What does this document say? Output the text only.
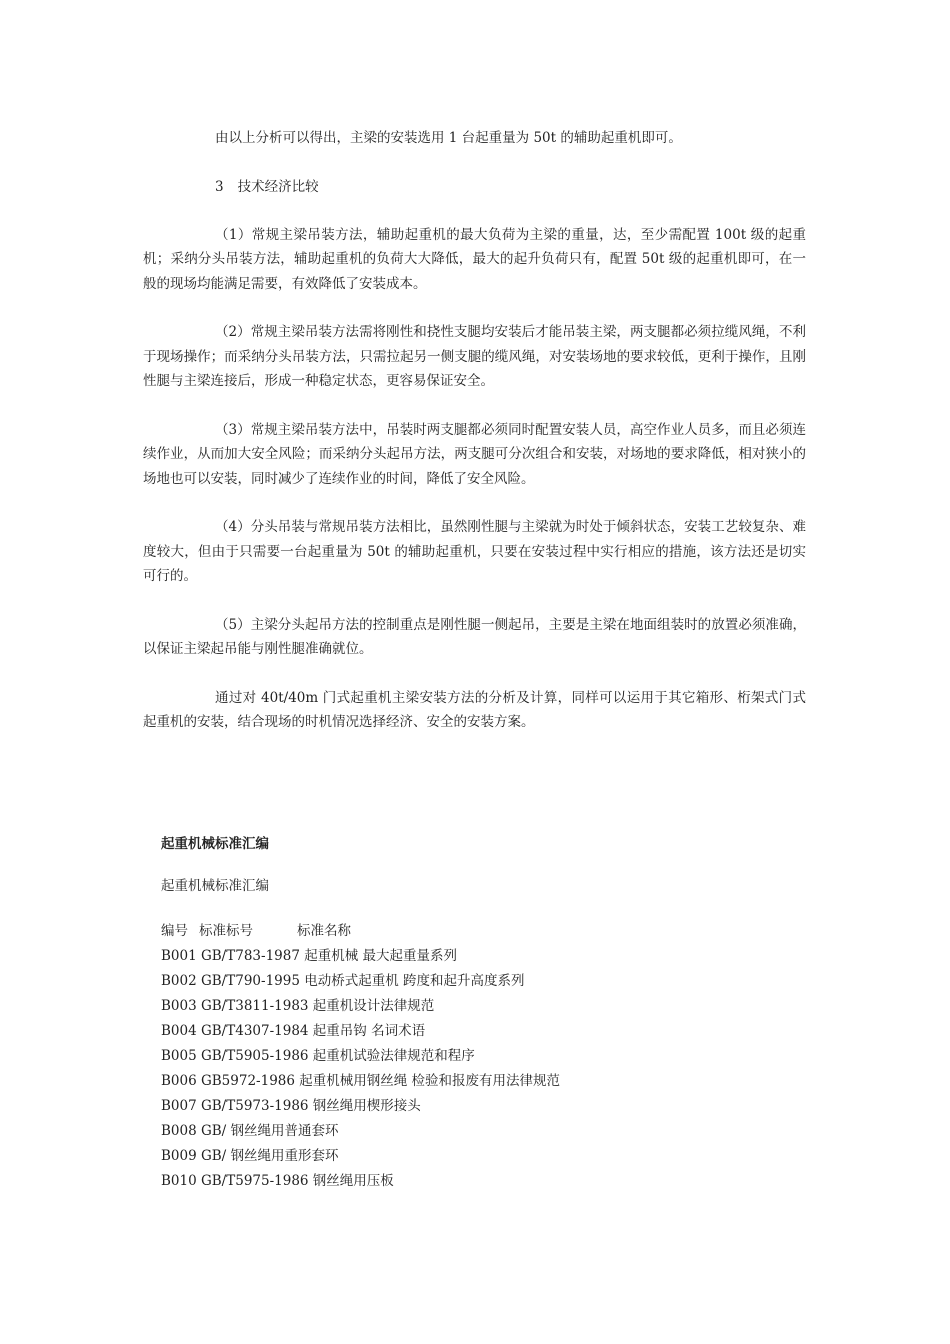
由以上分析可以得出，主梁的安装选用 1 台起重量为 50t 的辅助起重机即可。

3 技术经济比较

（1）常规主梁吊装方法，辅助起重机的最大负荷为主梁的重量，达，至少需配置 100t 级的起重机；采纳分头吊装方法，辅助起重机的负荷大大降低，最大的起升负荷只有，配置 50t 级的起重机即可，在一般的现场均能满足需要，有效降低了安装成本。

（2）常规主梁吊装方法需将刚性和挠性支腿均安装后才能吊装主梁，两支腿都必须拉缆风绳，不利于现场操作；而采纳分头吊装方法，只需拉起另一侧支腿的缆风绳，对安装场地的要求较低，更利于操作，且刚性腿与主梁连接后，形成一种稳定状态，更容易保证安全。

（3）常规主梁吊装方法中，吊装时两支腿都必须同时配置安装人员，高空作业人员多，而且必须连续作业，从而加大安全风险；而采纳分头起吊方法，两支腿可分次组合和安装，对场地的要求降低，相对狭小的场地也可以安装，同时减少了连续作业的时间，降低了安全风险。

（4）分头吊装与常规吊装方法相比，虽然刚性腿与主梁就为时处于倾斜状态，安装工艺较复杂、难度较大，但由于只需要一台起重量为 50t 的辅助起重机，只要在安装过程中实行相应的措施，该方法还是切实可行的。

（5）主梁分头起吊方法的控制重点是刚性腿一侧起吊，主要是主梁在地面组装时的放置必须准确，以保证主梁起吊能与刚性腿准确就位。

通过对 40t/40m 门式起重机主梁安装方法的分析及计算，同样可以运用于其它箱形、桁架式门式起重机的安装，结合现场的时机情况选择经济、安全的安装方案。

起重机械标准汇编

起重机械标准汇编

编号 标准标号	标准名称
B001 GB/T783-1987 起重机械 最大起重量系列
B002 GB/T790-1995 电动桥式起重机 跨度和起升高度系列
B003 GB/T3811-1983 起重机设计法律规范
B004 GB/T4307-1984 起重吊钩 名词术语
B005 GB/T5905-1986 起重机试验法律规范和程序
B006 GB5972-1986 起重机械用钢丝绳 检验和报废有用法律规范
B007 GB/T5973-1986 钢丝绳用楔形接头
B008 GB/ 钢丝绳用普通套环
B009 GB/ 钢丝绳用重形套环
B010 GB/T5975-1986 钢丝绳用压板
